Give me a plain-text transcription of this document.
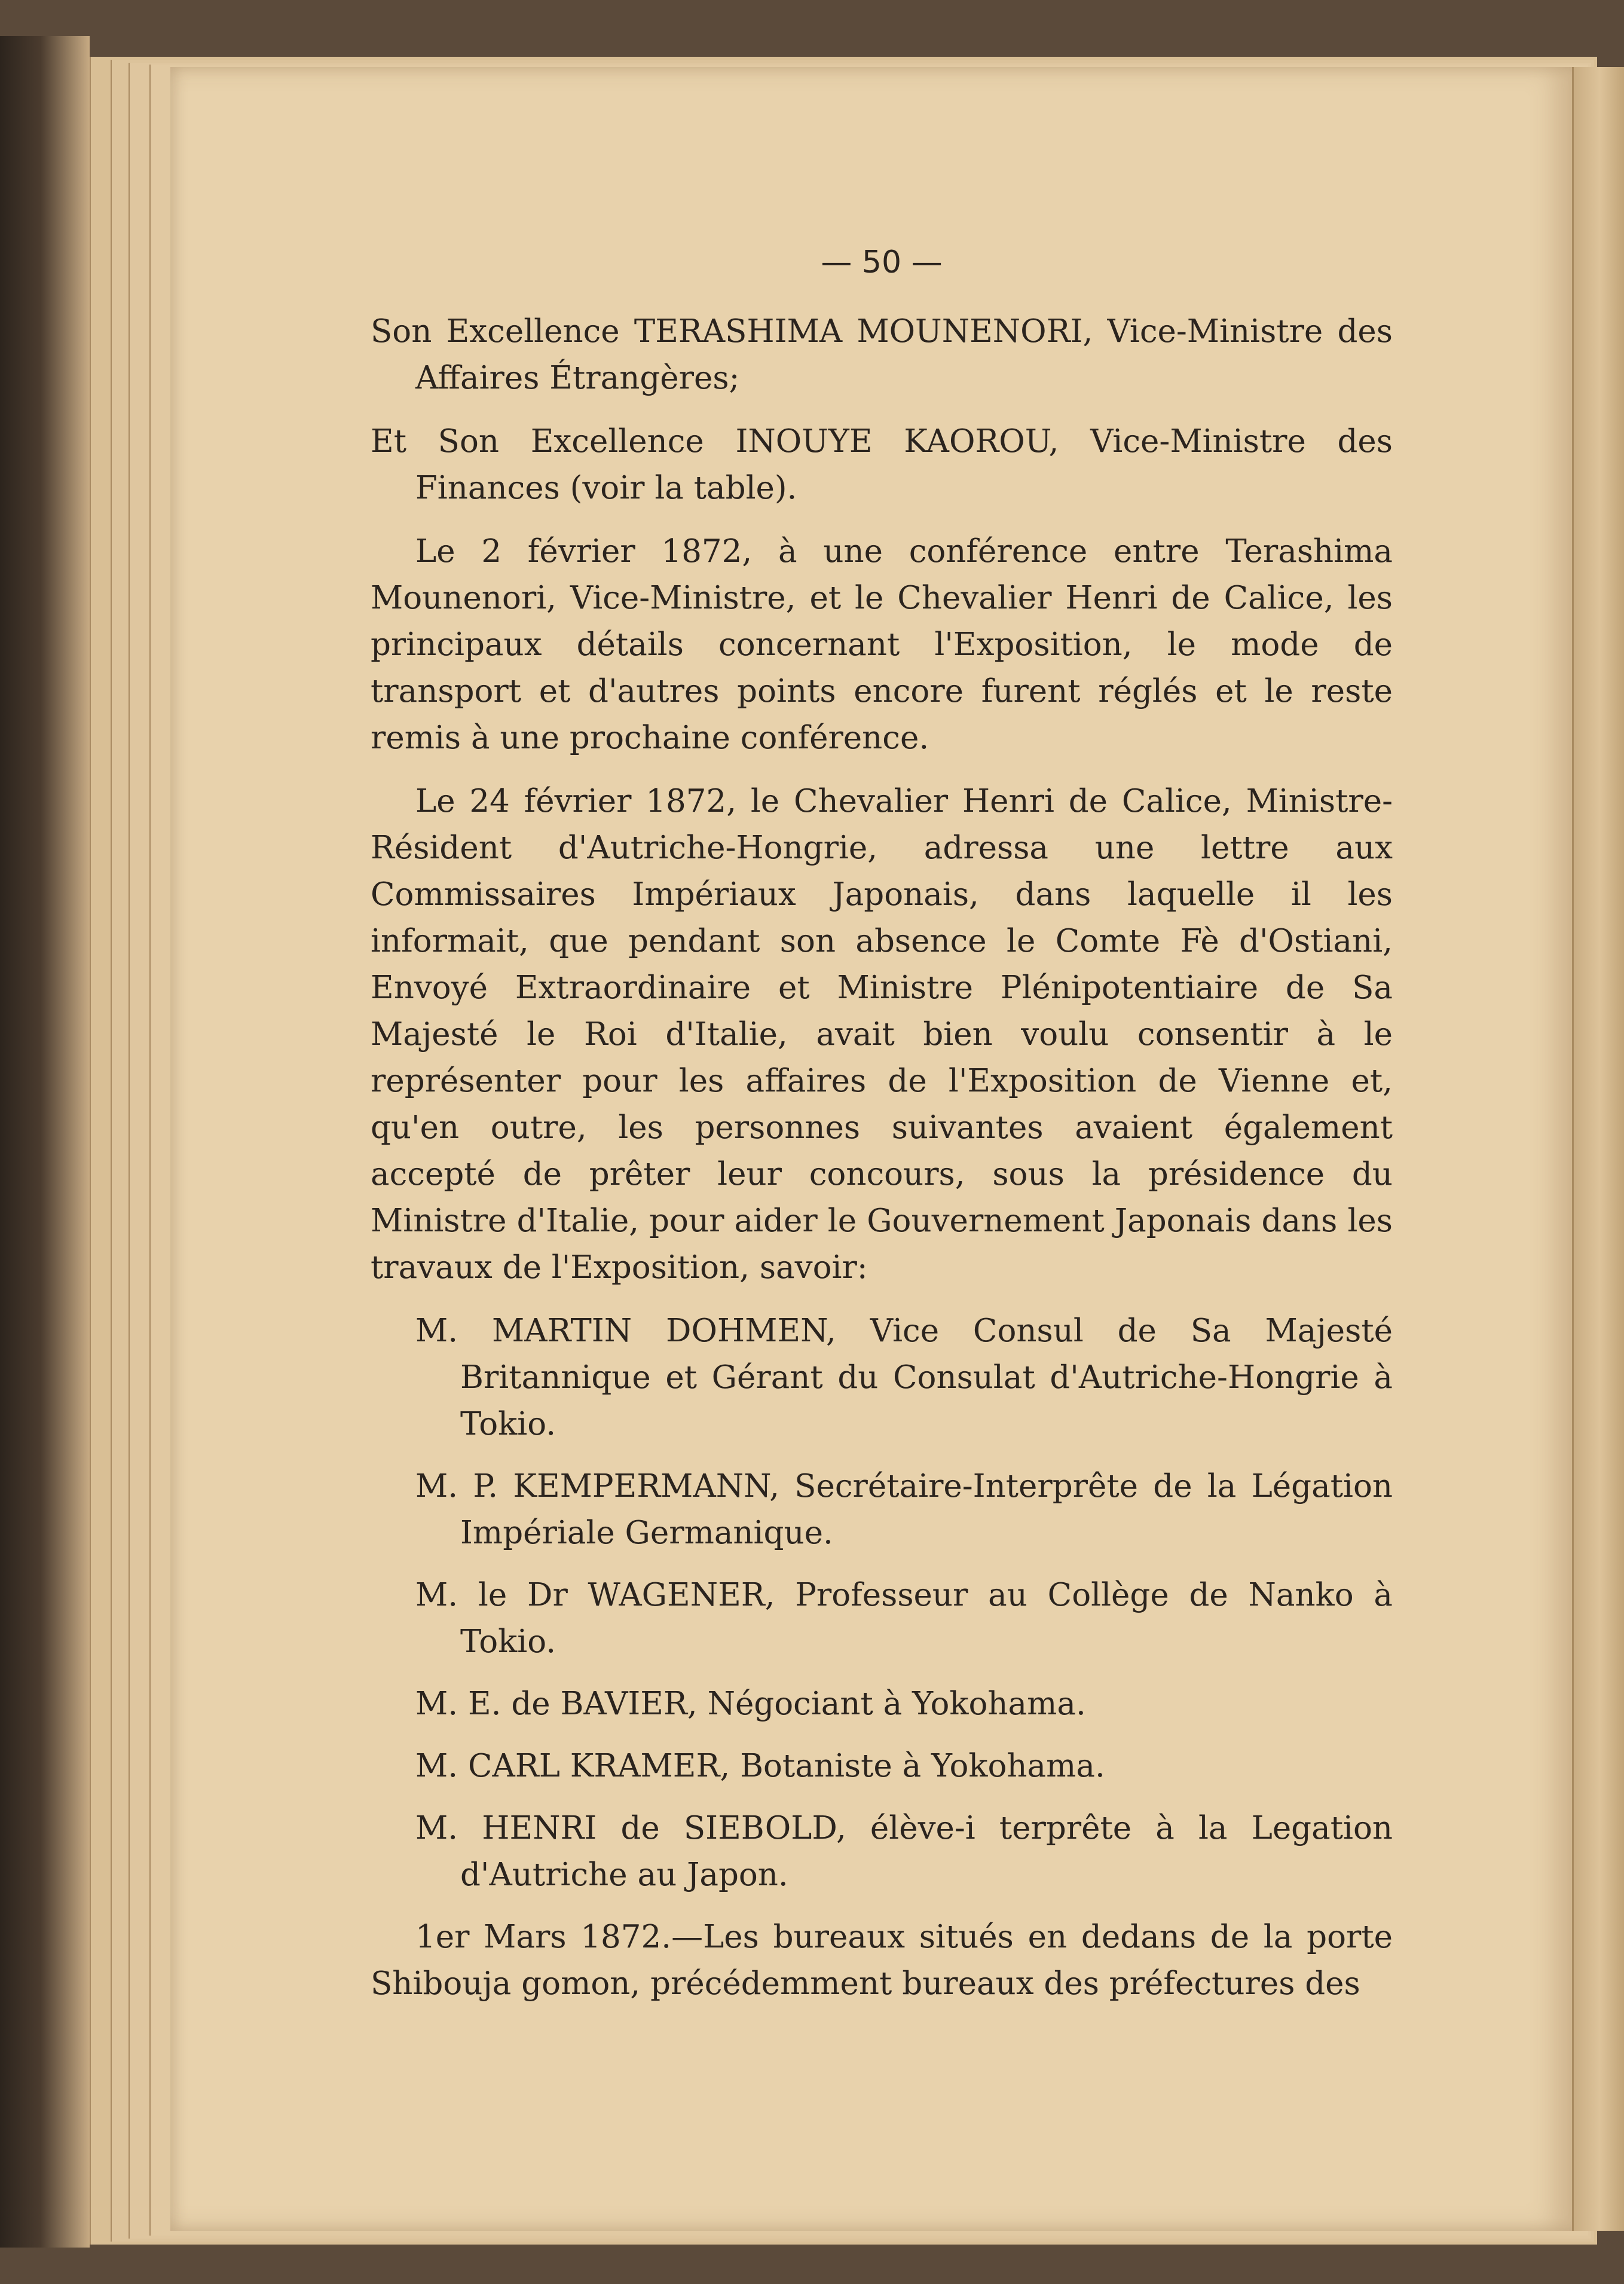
— 50 —
Son Excellence TERASHIMA MOUNENORI, Vice-Ministre des Affaires Étrangères;
Et Son Excellence INOUYE KAOROU, Vice-Ministre des Finances (voir la table).

Le 2 février 1872, à une conférence entre Terashima Mounenori, Vice-Ministre, et le Chevalier Henri de Calice, les principaux détails concernant l'Exposition, le mode de transport et d'autres points encore furent réglés et le reste remis à une prochaine conférence.

Le 24 février 1872, le Chevalier Henri de Calice, Ministre-Résident d'Autriche-Hongrie, adressa une lettre aux Commissaires Impériaux Japonais, dans laquelle il les informait, que pendant son absence le Comte Fè d'Ostiani, Envoyé Extraordinaire et Ministre Plénipotentiaire de Sa Majesté le Roi d'Italie, avait bien voulu consentir à le représenter pour les affaires de l'Exposition de Vienne et, qu'en outre, les personnes suivantes avaient également accepté de prêter leur concours, sous la présidence du Ministre d'Italie, pour aider le Gouvernement Japonais dans les travaux de l'Exposition, savoir:

M. MARTIN DOHMEN, Vice Consul de Sa Majesté Britannique et Gérant du Consulat d'Autriche-Hongrie à Tokio.
M. P. KEMPERMANN, Secrétaire-Interprête de la Légation Impériale Germanique.
M. le Dr WAGENER, Professeur au Collège de Nanko à Tokio.
M. E. de BAVIER, Négociant à Yokohama.
M. CARL KRAMER, Botaniste à Yokohama.
M. HENRI de SIEBOLD, élève-i terprête à la Legation d'Autriche au Japon.

1er Mars 1872.—Les bureaux situés en dedans de la porte Shibouja gomon, précédemment bureaux des préfectures des
